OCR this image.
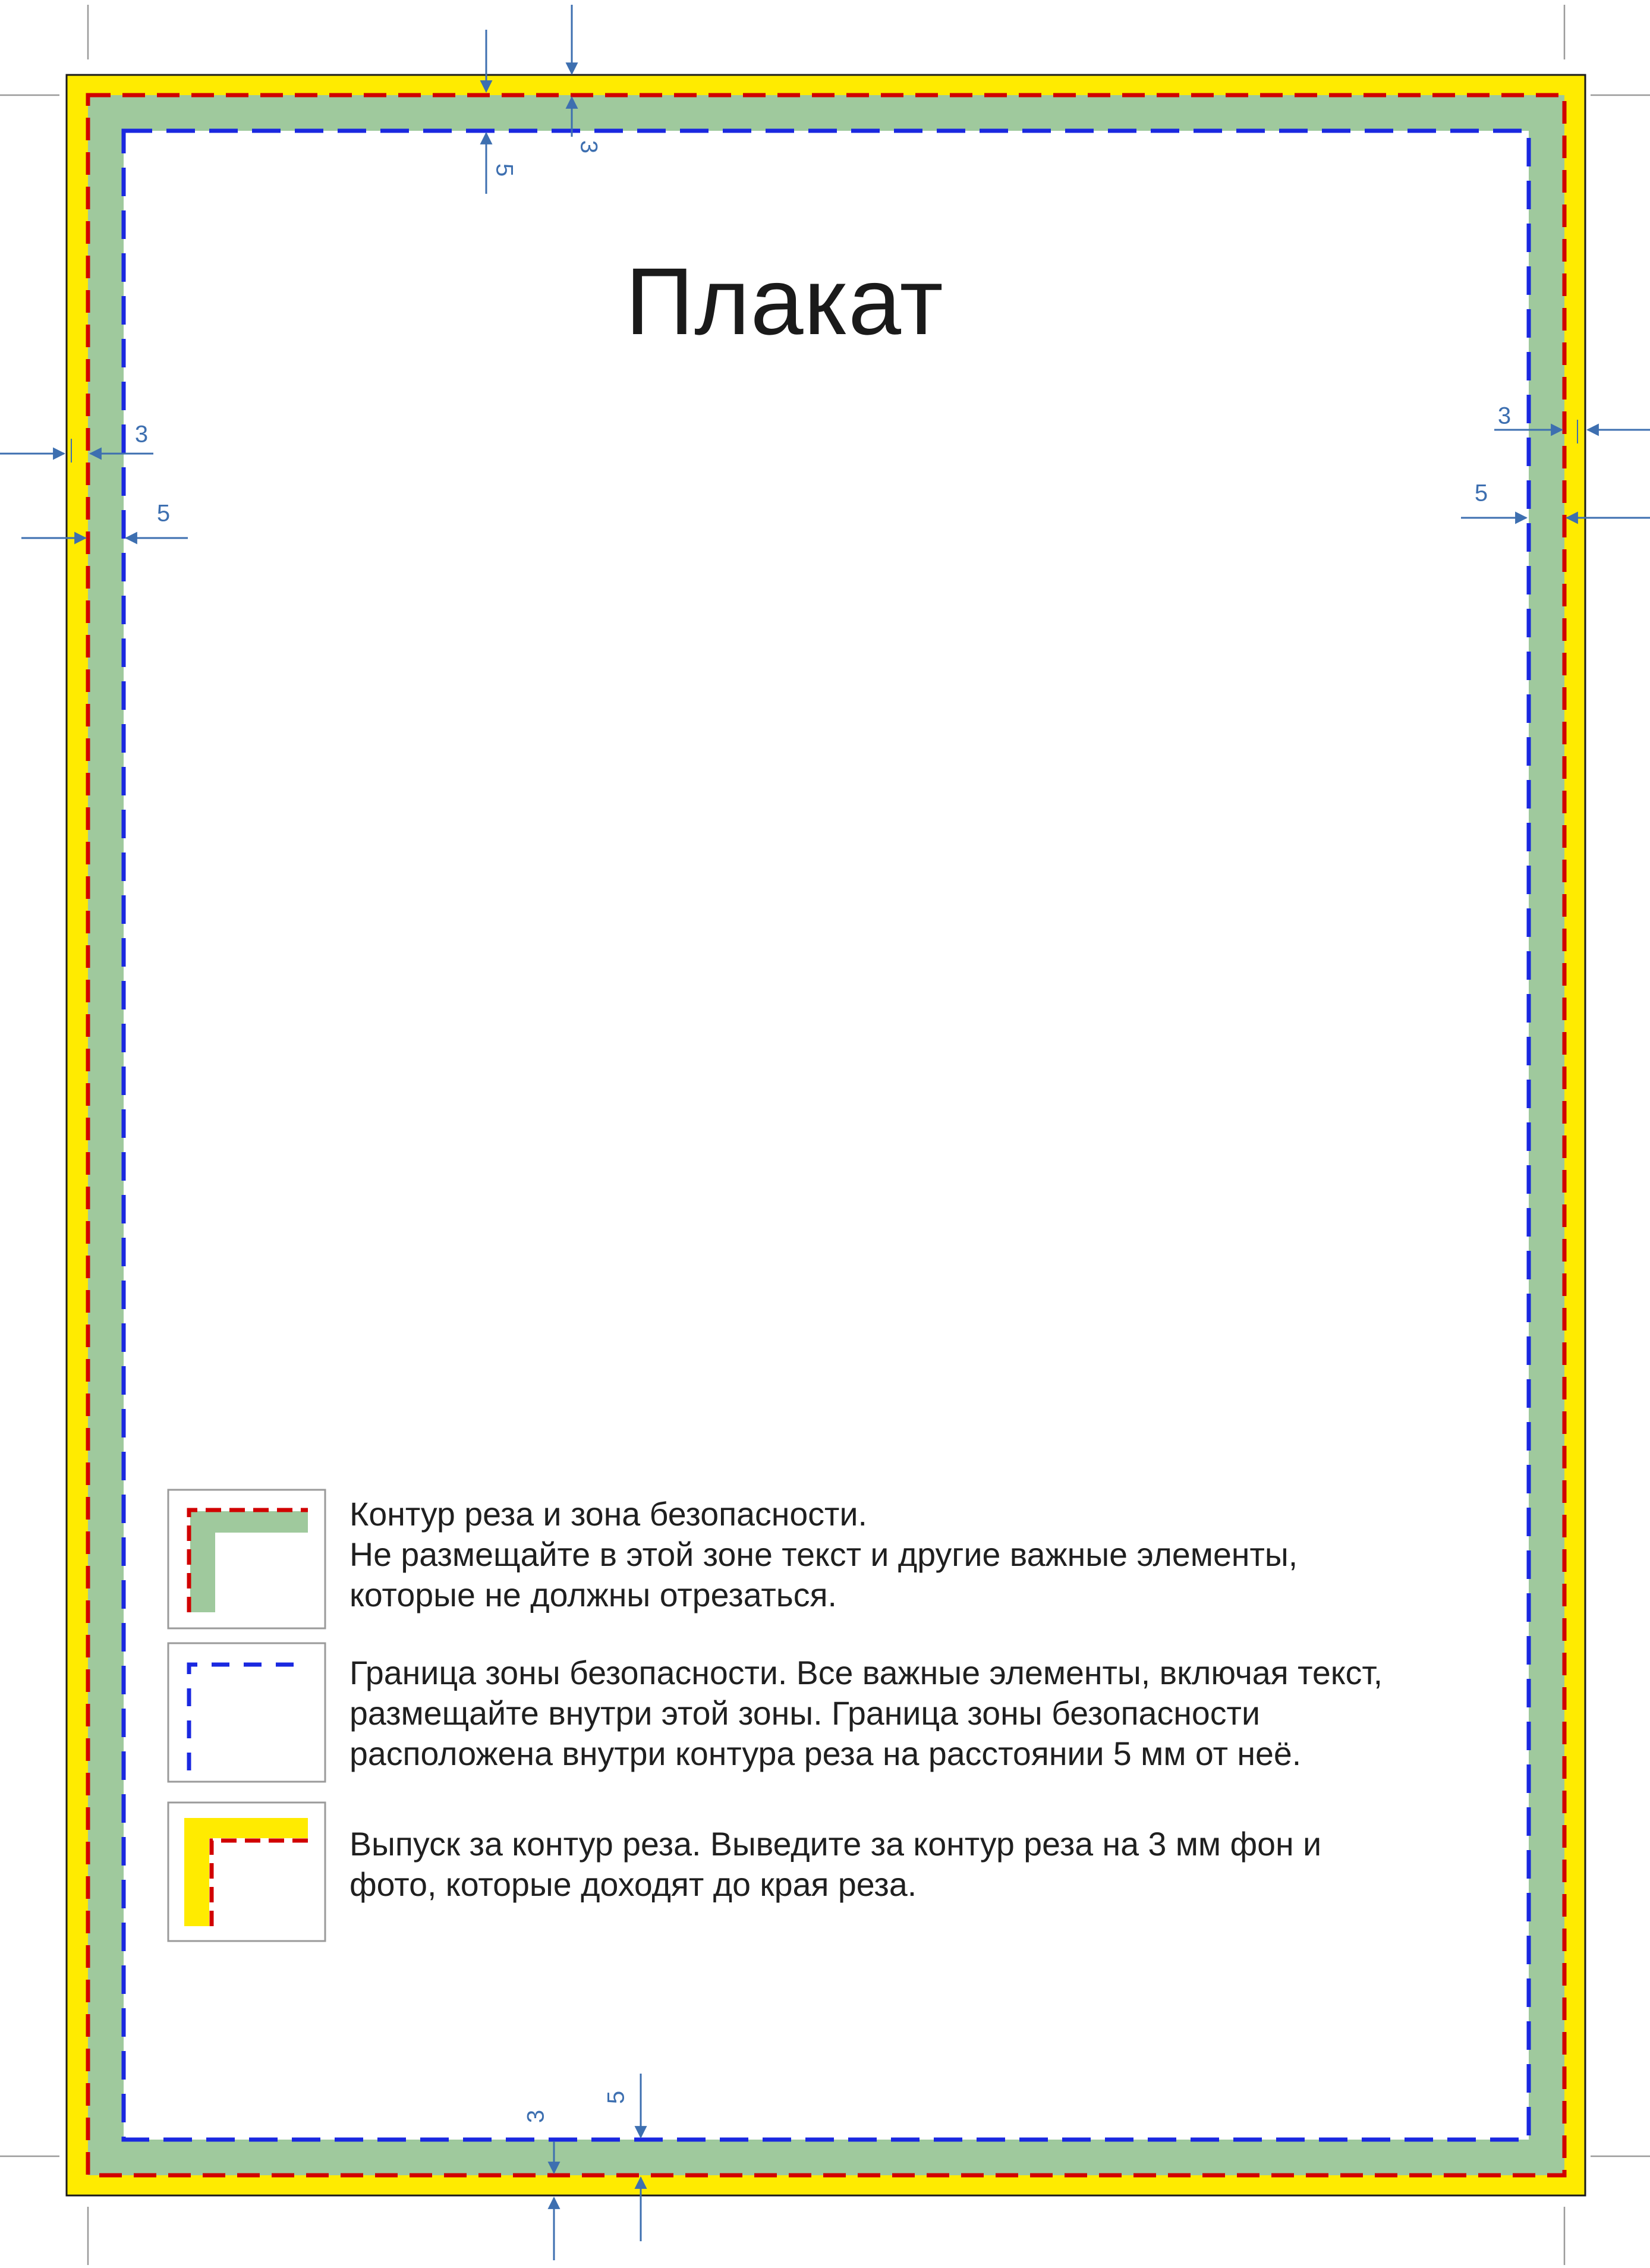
3
5
3
5
3
5
3
5
Плакат
Контур реза и зона безопасности.
Не размещайте в этой зоне текст и другие важные элементы,
которые не должны отрезаться.
Граница зоны безопасности. Все важные элементы, включая текст,
размещайте внутри этой зоны. Граница зоны безопасности
расположена внутри контура реза на расстоянии 5 мм от неё.
Выпуск за контур реза. Выведите за контур реза на 3 мм фон и
фото, которые доходят до края реза.
